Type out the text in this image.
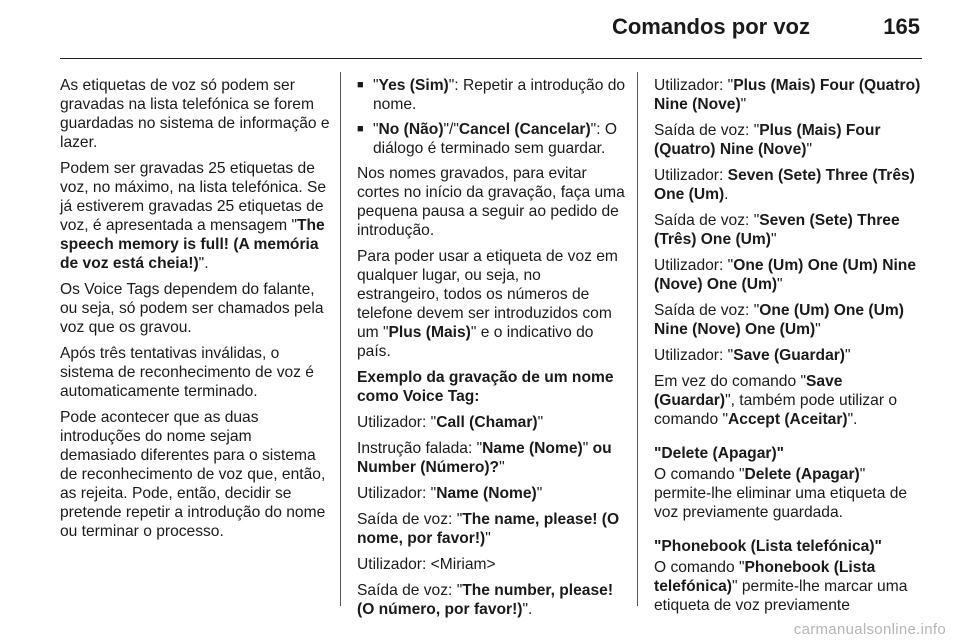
Comandos por voz	165

As etiquetas de voz só podem ser gravadas na lista telefónica se forem guardadas no sistema de informação e lazer.

Podem ser gravadas 25 etiquetas de voz, no máximo, na lista telefónica. Se já estiverem gravadas 25 etiquetas de voz, é apresentada a mensagem "The speech memory is full! (A memória de voz está cheia!)".

Os Voice Tags dependem do falante, ou seja, só podem ser chamados pela voz que os gravou.

Após três tentativas inválidas, o sistema de reconhecimento de voz é automaticamente terminado.

Pode acontecer que as duas introduções do nome sejam demasiado diferentes para o sistema de reconhecimento de voz que, então, as rejeita. Pode, então, decidir se pretende repetir a introdução do nome ou terminar o processo.

■ "Yes (Sim)": Repetir a introdução do nome.
■ "No (Não)"/"Cancel (Cancelar)": O diálogo é terminado sem guardar.

Nos nomes gravados, para evitar cortes no início da gravação, faça uma pequena pausa a seguir ao pedido de introdução.

Para poder usar a etiqueta de voz em qualquer lugar, ou seja, no estrangeiro, todos os números de telefone devem ser introduzidos com um "Plus (Mais)" e o indicativo do país.

Exemplo da gravação de um nome como Voice Tag:

Utilizador: "Call (Chamar)"

Instrução falada: "Name (Nome)" ou Number (Número)?"

Utilizador: "Name (Nome)"

Saída de voz: "The name, please! (O nome, por favor!)"

Utilizador: <Miriam>

Saída de voz: "The number, please! (O número, por favor!)".

Utilizador: "Plus (Mais) Four (Quatro) Nine (Nove)"

Saída de voz: "Plus (Mais) Four (Quatro) Nine (Nove)"

Utilizador: Seven (Sete) Three (Três) One (Um).

Saída de voz: "Seven (Sete) Three (Três) One (Um)"

Utilizador: "One (Um) One (Um) Nine (Nove) One (Um)"

Saída de voz: "One (Um) One (Um) Nine (Nove) One (Um)"

Utilizador: "Save (Guardar)"

Em vez do comando "Save (Guardar)", também pode utilizar o comando "Accept (Aceitar)".

"Delete (Apagar)"

O comando "Delete (Apagar)" permite-lhe eliminar uma etiqueta de voz previamente guardada.

"Phonebook (Lista telefónica)"

O comando "Phonebook (Lista telefónica)" permite-lhe marcar uma etiqueta de voz previamente

carmanualsonline.info
